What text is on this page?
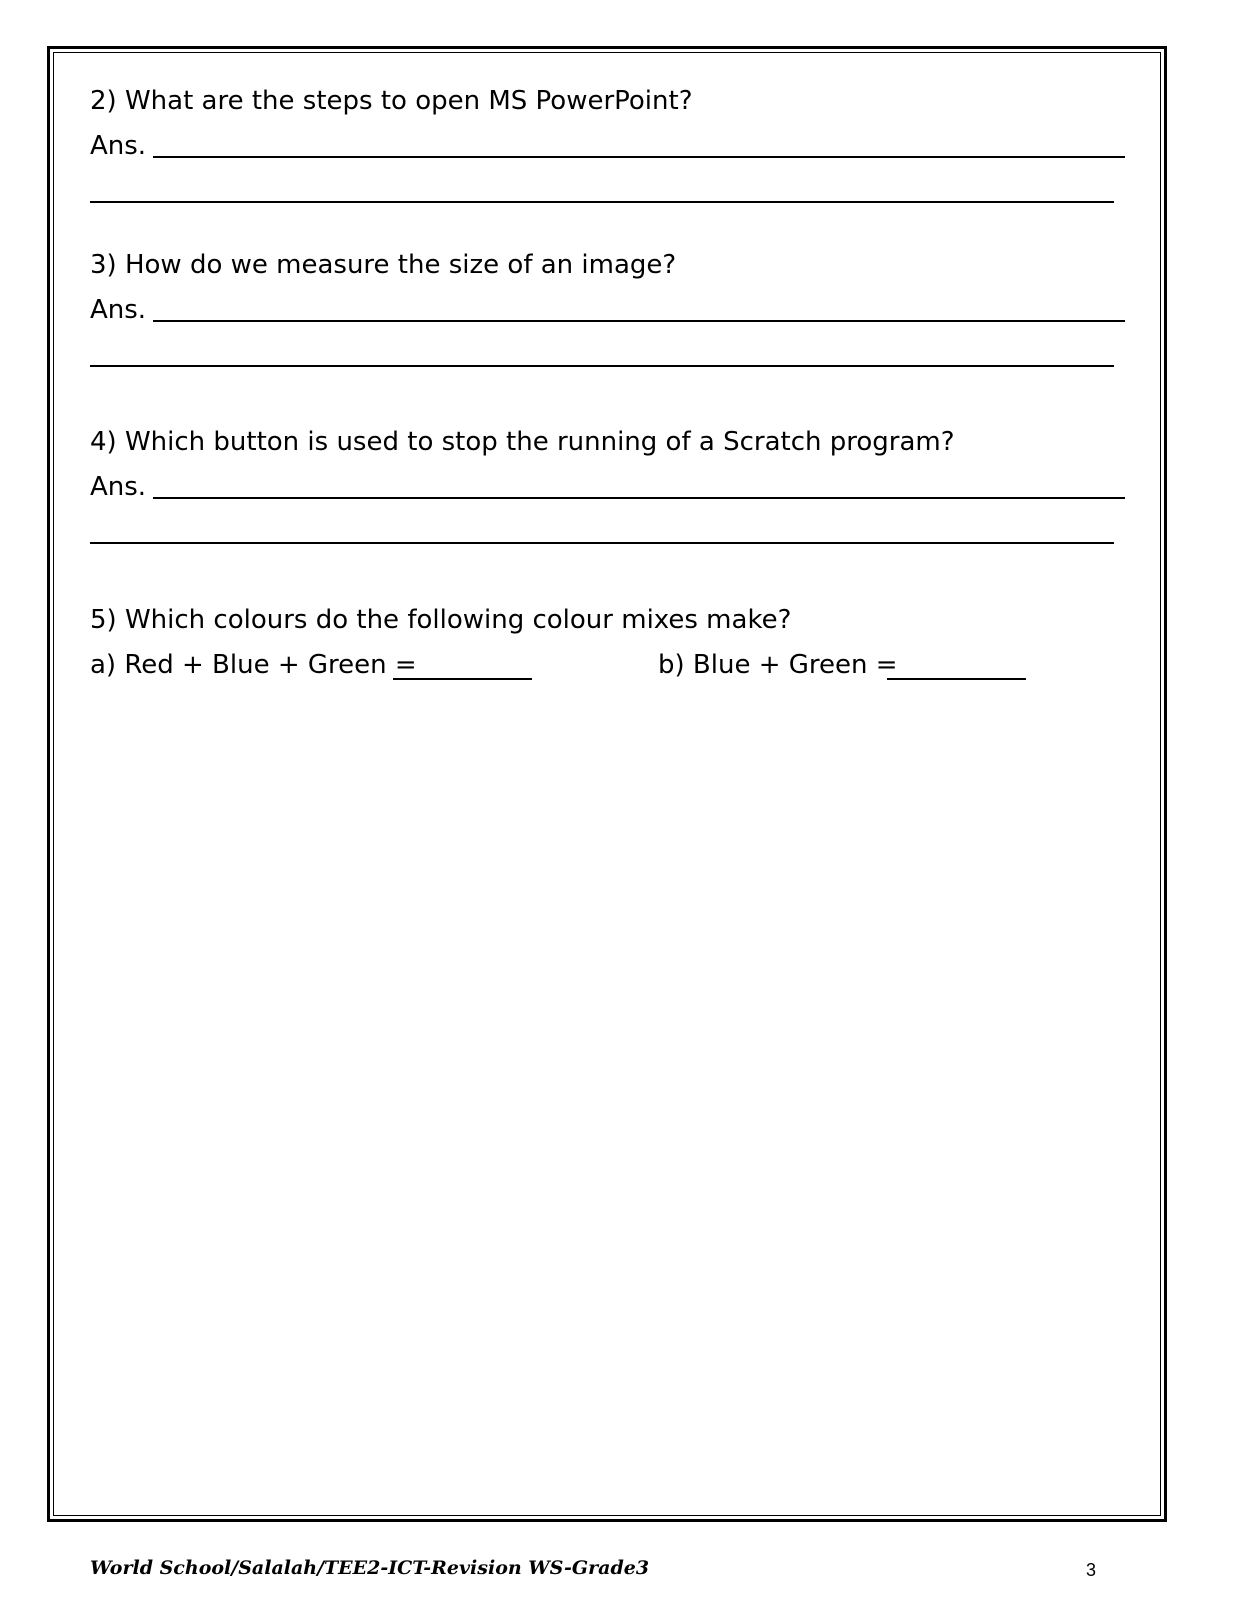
2) What are the steps to open MS PowerPoint?
Ans.
3) How do we measure the size of an image?
Ans.
4) Which button is used to stop the running of a Scratch program?
Ans.
5) Which colours do the following colour mixes make?
a) Red + Blue + Green =	b) Blue + Green =
World School/Salalah/TEE2-ICT-Revision WS-Grade3	3
